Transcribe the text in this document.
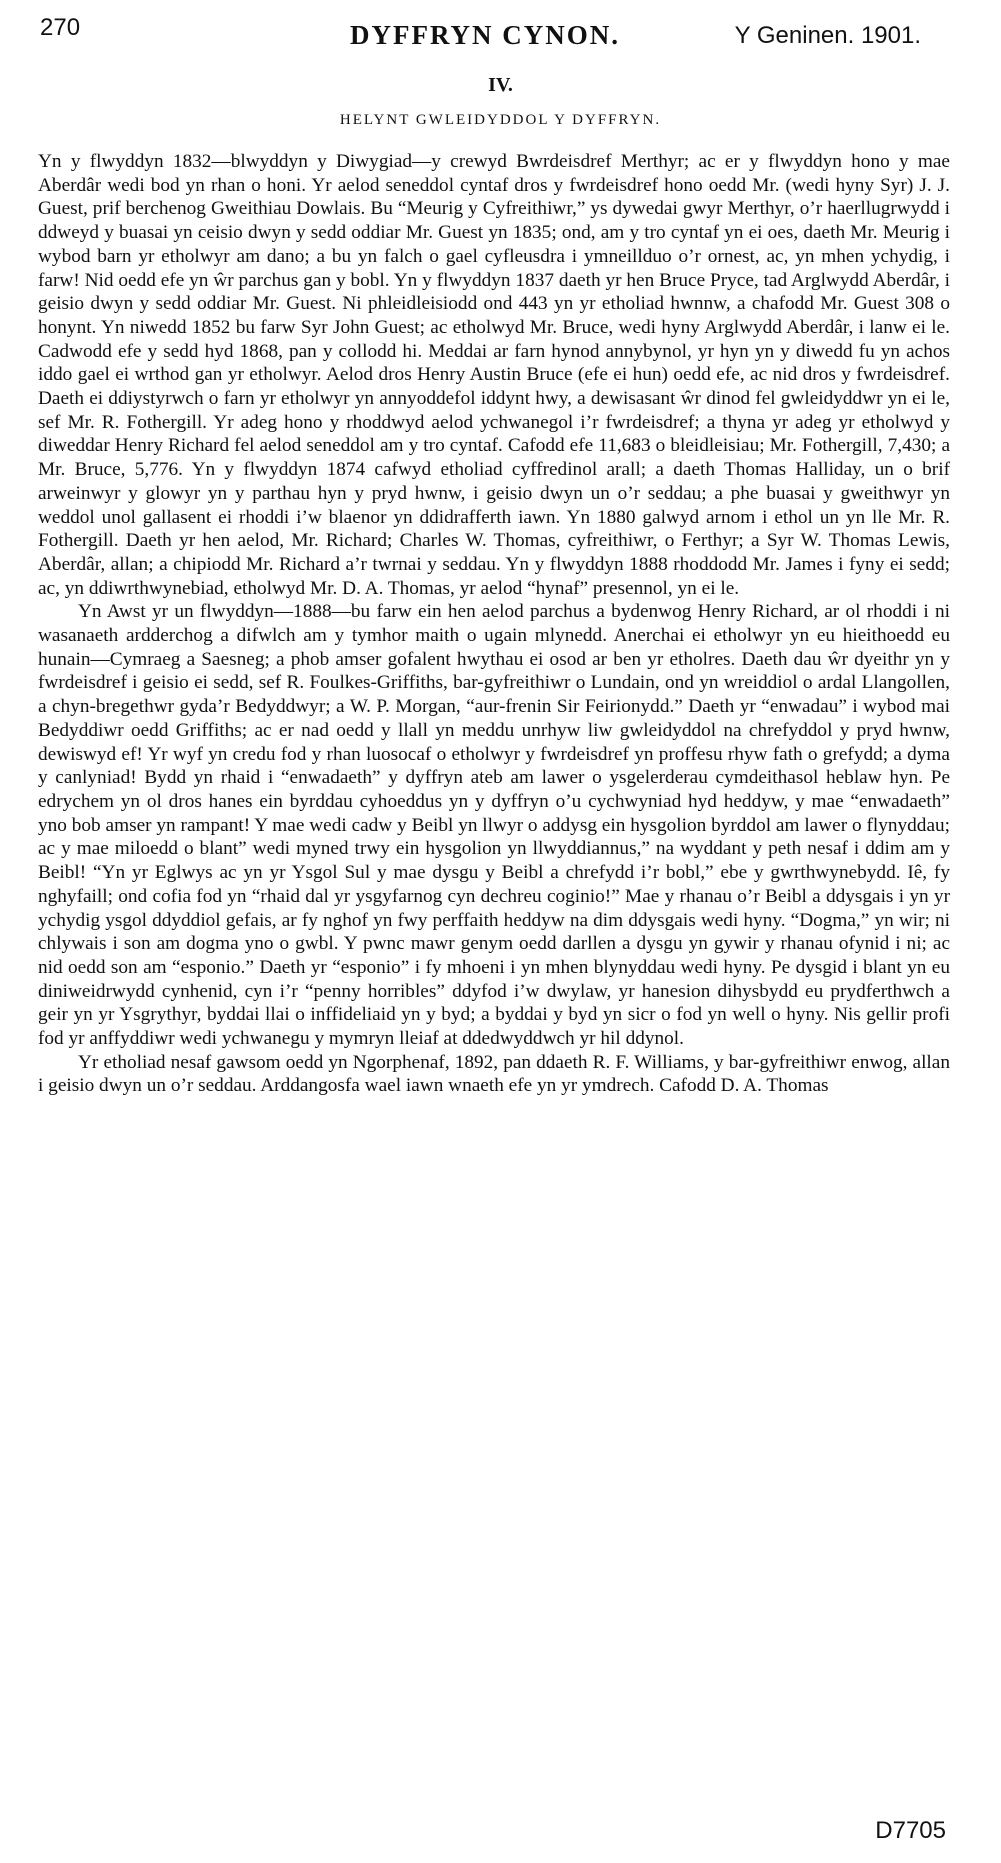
270	DYFFRYN CYNON.	Y Geninen. 1901.
IV.
HELYNT GWLEIDYDDOL Y DYFFRYN.

Yn y flwyddyn 1832—blwyddyn y Diwygiad—y crewyd Bwrdeisdref Merthyr; ac er y flwyddyn hono y mae Aberdâr wedi bod yn rhan o honi. Yr aelod seneddol cyntaf dros y fwrdeisdref hono oedd Mr. (wedi hyny Syr) J. J. Guest, prif berchenog Gweithiau Dowlais. Bu “Meurig y Cyfreithiwr,” ys dywedai gwyr Merthyr, o’r haerllugrwydd i ddweyd y buasai yn ceisio dwyn y sedd oddiar Mr. Guest yn 1835; ond, am y tro cyntaf yn ei oes, daeth Mr. Meurig i wybod barn yr etholwyr am dano; a bu yn falch o gael cyfleusdra i ymneillduo o’r ornest, ac, yn mhen ychydig, i farw! Nid oedd efe yn ŵr parchus gan y bobl. Yn y flwyddyn 1837 daeth yr hen Bruce Pryce, tad Arglwydd Aberdâr, i geisio dwyn y sedd oddiar Mr. Guest. Ni phleidleisiodd ond 443 yn yr etholiad hwnnw, a chafodd Mr. Guest 308 o honynt. Yn niwedd 1852 bu farw Syr John Guest; ac etholwyd Mr. Bruce, wedi hyny Arglwydd Aberdâr, i lanw ei le. Cadwodd efe y sedd hyd 1868, pan y collodd hi. Meddai ar farn hynod annybynol, yr hyn yn y diwedd fu yn achos iddo gael ei wrthod gan yr etholwyr. Aelod dros Henry Austin Bruce (efe ei hun) oedd efe, ac nid dros y fwrdeisdref. Daeth ei ddiystyrwch o farn yr etholwyr yn annyoddefol iddynt hwy, a dewisasant ŵr dinod fel gwleidyddwr yn ei le, sef Mr. R. Fothergill. Yr adeg hono y rhoddwyd aelod ychwanegol i’r fwrdeisdref; a thyna yr adeg yr etholwyd y diweddar Henry Richard fel aelod seneddol am y tro cyntaf. Cafodd efe 11,683 o bleidleisiau; Mr. Fothergill, 7,430; a Mr. Bruce, 5,776. Yn y flwyddyn 1874 cafwyd etholiad cyffredinol arall; a daeth Thomas Halliday, un o brif arweinwyr y glowyr yn y parthau hyn y pryd hwnw, i geisio dwyn un o’r seddau; a phe buasai y gweithwyr yn weddol unol gallasent ei rhoddi i’w blaenor yn ddidrafferth iawn. Yn 1880 galwyd arnom i ethol un yn lle Mr. R. Fothergill. Daeth yr hen aelod, Mr. Richard; Charles W. Thomas, cyfreithiwr, o Ferthyr; a Syr W. Thomas Lewis, Aberdâr, allan; a chipiodd Mr. Richard a’r twrnai y seddau. Yn y flwyddyn 1888 rhoddodd Mr. James i fyny ei sedd; ac, yn ddiwrthwynebiad, etholwyd Mr. D. A. Thomas, yr aelod “hynaf” presennol, yn ei le.

Yn Awst yr un flwyddyn—1888—bu farw ein hen aelod parchus a bydenwog Henry Richard, ar ol rhoddi i ni wasanaeth ardderchog a difwlch am y tymhor maith o ugain mlynedd. Anerchai ei etholwyr yn eu hieithoedd eu hunain—Cymraeg a Saesneg; a phob amser gofalent hwythau ei osod ar ben yr etholres. Daeth dau ŵr dyeithr yn y fwrdeisdref i geisio ei sedd, sef R. Foulkes-Griffiths, bar-gyfreithiwr o Lundain, ond yn wreiddiol o ardal Llangollen, a chyn-bregethwr gyda’r Bedyddwyr; a W. P. Morgan, “aur-frenin Sir Feirionydd.” Daeth yr “enwadau” i wybod mai Bedyddiwr oedd Griffiths; ac er nad oedd y llall yn meddu unrhyw liw gwleidyddol na chrefyddol y pryd hwnw, dewiswyd ef! Yr wyf yn credu fod y rhan luosocaf o etholwyr y fwrdeisdref yn proffesu rhyw fath o grefydd; a dyma y canlyniad! Bydd yn rhaid i “enwadaeth” y dyffryn ateb am lawer o ysgelerderau cymdeithasol heblaw hyn. Pe edrychem yn ol dros hanes ein byrddau cyhoeddus yn y dyffryn o’u cychwyniad hyd heddyw, y mae “enwadaeth” yno bob amser yn rampant! Y mae wedi cadw y Beibl yn llwyr o addysg ein hysgolion byrddol am lawer o flynyddau; ac y mae miloedd o blant” wedi myned trwy ein hysgolion yn llwyddiannus,” na wyddant y peth nesaf i ddim am y Beibl! “Yn yr Eglwys ac yn yr Ysgol Sul y mae dysgu y Beibl a chrefydd i’r bobl,” ebe y gwrthwynebydd. Iê, fy nghyfaill; ond cofia fod yn “rhaid dal yr ysgyfarnog cyn dechreu coginio!” Mae y rhanau o’r Beibl a ddysgais i yn yr ychydig ysgol ddyddiol gefais, ar fy nghof yn fwy perffaith heddyw na dim ddysgais wedi hyny. “Dogma,” yn wir; ni chlywais i son am dogma yno o gwbl. Y pwnc mawr genym oedd darllen a dysgu yn gywir y rhanau ofynid i ni; ac nid oedd son am “esponio.” Daeth yr “esponio” i fy mhoeni i yn mhen blynyddau wedi hyny. Pe dysgid i blant yn eu diniweidrwydd cynhenid, cyn i’r “penny horribles” ddyfod i’w dwylaw, yr hanesion dihysbydd eu prydferthwch a geir yn yr Ysgrythyr, byddai llai o inffideliaid yn y byd; a byddai y byd yn sicr o fod yn well o hyny. Nis gellir profi fod yr anffyddiwr wedi ychwanegu y mymryn lleiaf at ddedwyddwch yr hil ddynol.

Yr etholiad nesaf gawsom oedd yn Ngorphenaf, 1892, pan ddaeth R. F. Williams, y bar-gyfreithiwr enwog, allan i geisio dwyn un o’r seddau. Arddangosfa wael iawn wnaeth efe yn yr ymdrech. Cafodd D. A. Thomas

D7705
